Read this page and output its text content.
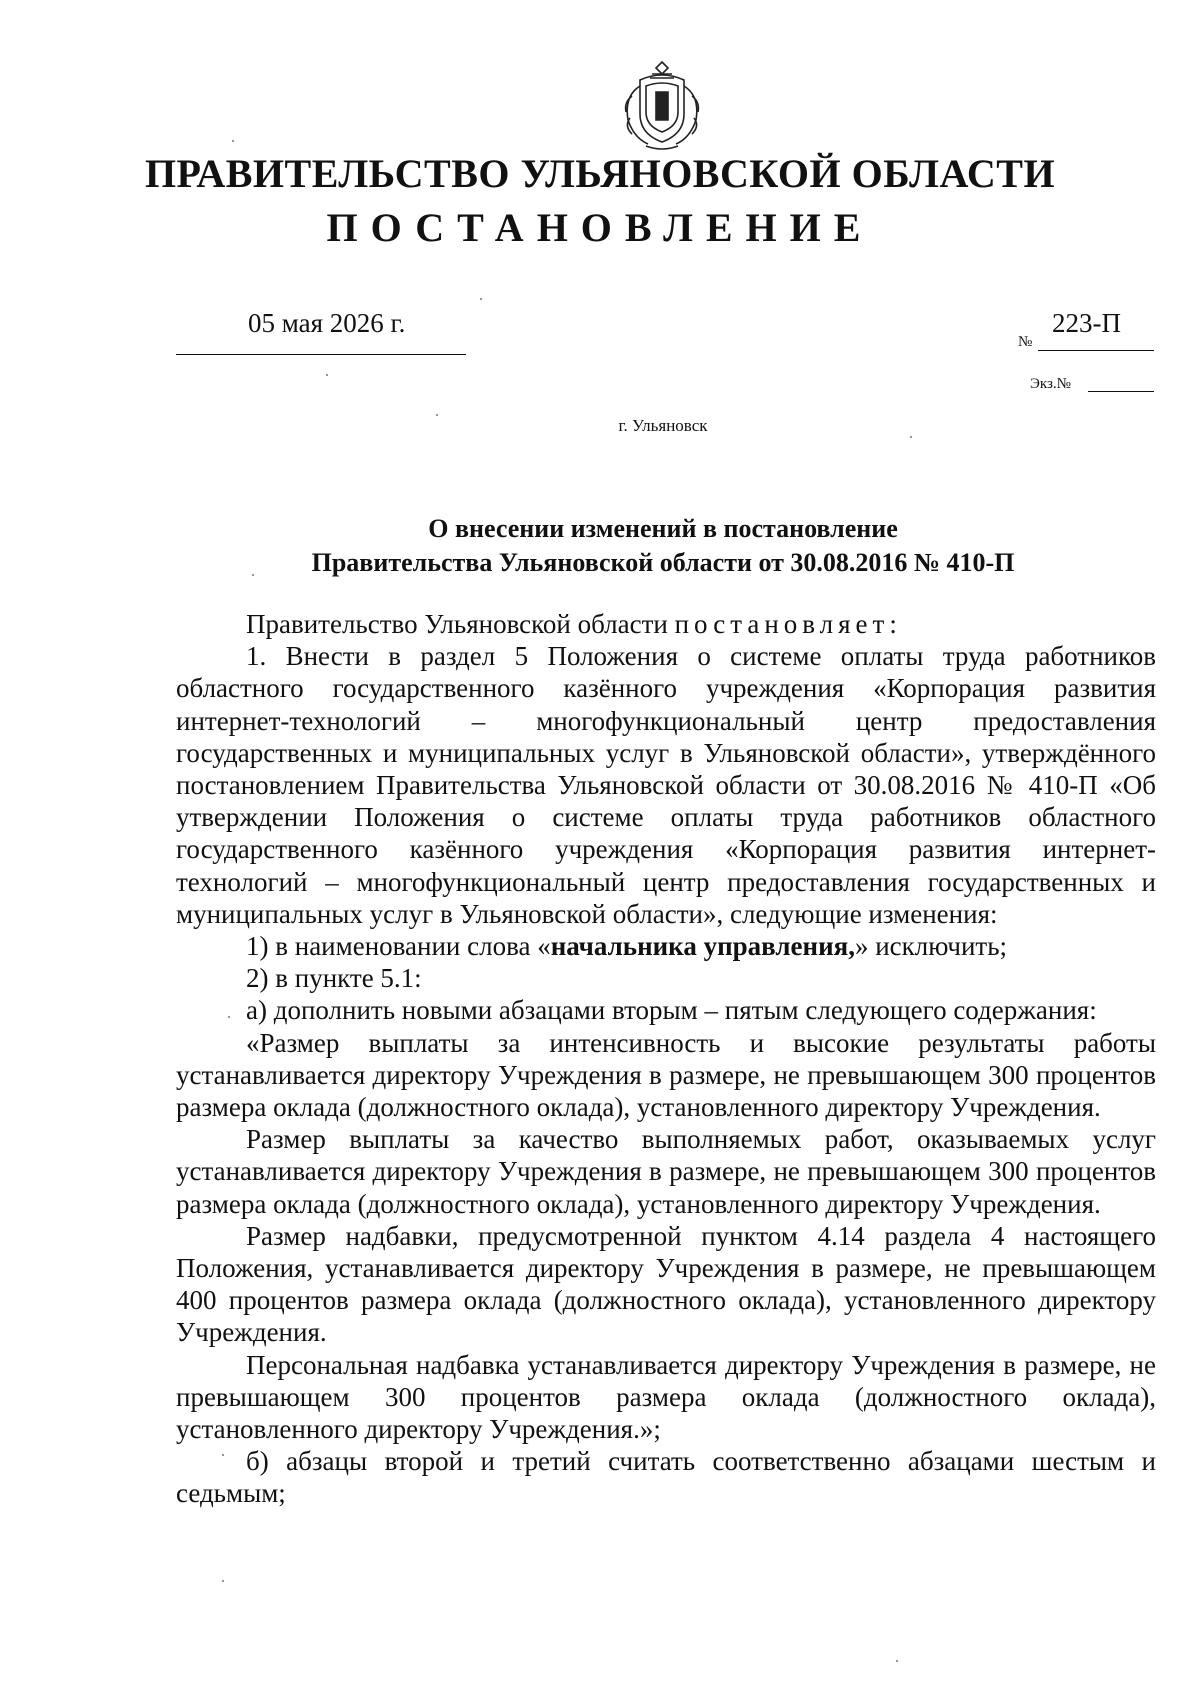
ПРАВИТЕЛЬСТВО УЛЬЯНОВСКОЙ ОБЛАСТИ
ПОСТАНОВЛЕНИЕ
05 мая 2026 г.
№
223-П
Экз.№
г. Ульяновск
О внесении изменений в постановление
Правительства Ульяновской области от 30.08.2016 № 410-П

Правительство Ульяновской области постановляет:

1. Внести в раздел 5 Положения о системе оплаты труда работников областного государственного казённого учреждения «Корпорация развития интернет-технологий – многофункциональный центр предоставления государственных и муниципальных услуг в Ульяновской области», утверждённого постановлением Правительства Ульяновской области от 30.08.2016 № 410-П «Об утверждении Положения о системе оплаты труда работников областного государственного казённого учреждения «Корпорация развития интернет-технологий – многофункциональный центр предоставления государственных и муниципальных услуг в Ульяновской области», следующие изменения:

1) в наименовании слова «начальника управления,» исключить;

2) в пункте 5.1:

а) дополнить новыми абзацами вторым – пятым следующего содержания:

«Размер выплаты за интенсивность и высокие результаты работы устанавливается директору Учреждения в размере, не превышающем 300 процентов размера оклада (должностного оклада), установленного директору Учреждения.

Размер выплаты за качество выполняемых работ, оказываемых услуг устанавливается директору Учреждения в размере, не превышающем 300 процентов размера оклада (должностного оклада), установленного директору Учреждения.

Размер надбавки, предусмотренной пунктом 4.14 раздела 4 настоящего Положения, устанавливается директору Учреждения в размере, не превышающем 400 процентов размера оклада (должностного оклада), установленного директору Учреждения.

Персональная надбавка устанавливается директору Учреждения в размере, не превышающем 300 процентов размера оклада (должностного оклада), установленного директору Учреждения.»;

б) абзацы второй и третий считать соответственно абзацами шестым и седьмым;
